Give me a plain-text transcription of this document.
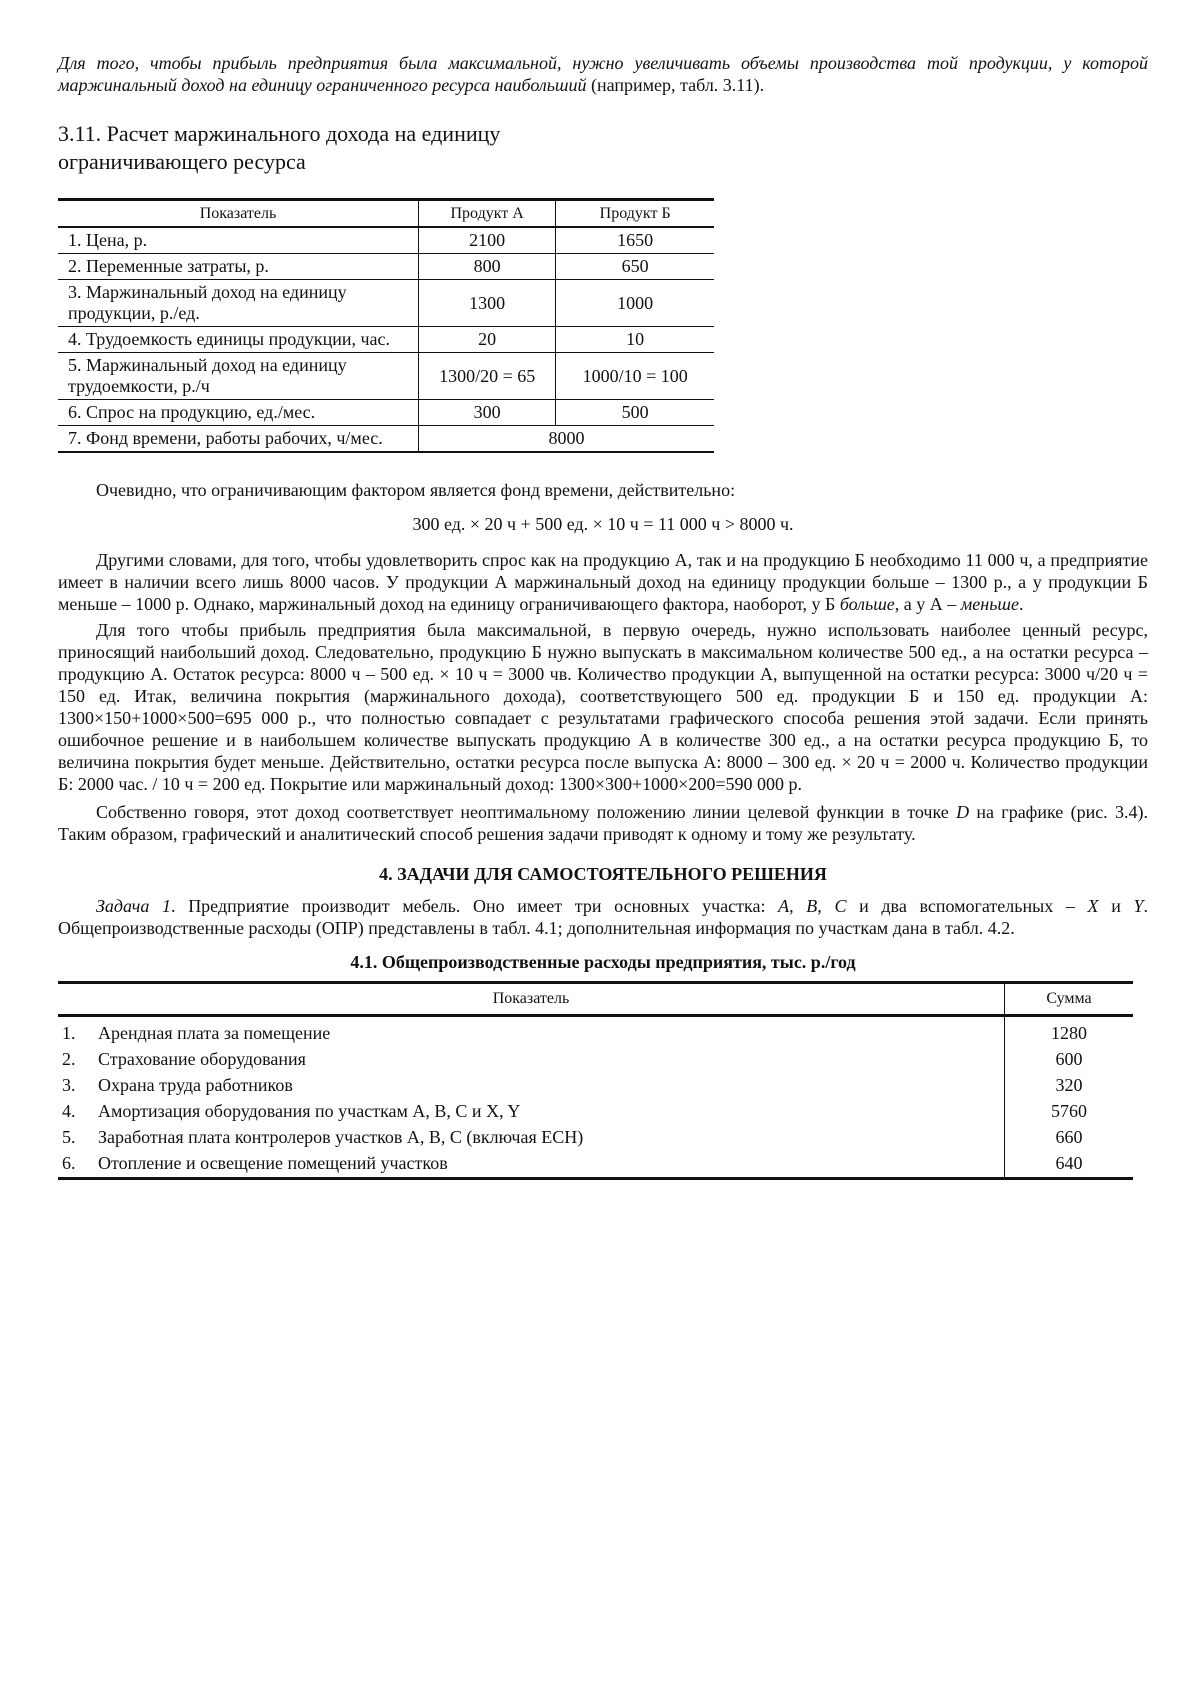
Для того, чтобы прибыль предприятия была максимальной, нужно увеличивать объемы производства той продукции, у которой маржинальный доход на единицу ограниченного ресурса наибольший (например, табл. 3.11).

3.11. Расчет маржинального дохода на единицу ограничивающего ресурса
Показатель	Продукт А	Продукт Б
1. Цена, р.	2100	1650
2. Переменные затраты, р.	800	650
3. Маржинальный доход на единицу продукции, р./ед.	1300	1000
4. Трудоемкость единицы продукции, час.	20	10
5. Маржинальный доход на единицу трудоемкости, р./ч	1300/20 = 65	1000/10 = 100
6. Спрос на продукцию, ед./мес.	300	500
7. Фонд времени, работы рабочих, ч/мес.	8000	

Очевидно, что ограничивающим фактором является фонд времени, действительно:

300 ед. × 20 ч + 500 ед. × 10 ч = 11 000 ч > 8000 ч.

Другими словами, для того, чтобы удовлетворить спрос как на продукцию А, так и на продукцию Б необходимо 11 000 ч, а предприятие имеет в наличии всего лишь 8000 часов. У продукции А маржинальный доход на единицу продукции больше – 1300 р., а у продукции Б меньше – 1000 р. Однако, маржинальный доход на единицу ограничивающего фактора, наоборот, у Б больше, а у А – меньше.

Для того чтобы прибыль предприятия была максимальной, в первую очередь, нужно использовать наиболее ценный ресурс, приносящий наибольший доход. Следовательно, продукцию Б нужно выпускать в максимальном количестве 500 ед., а на остатки ресурса – продукцию А. Остаток ресурса: 8000 ч – 500 ед. × 10 ч = 3000 чв. Количество продукции А, выпущенной на остатки ресурса: 3000 ч/20 ч = 150 ед. Итак, величина покрытия (маржинального дохода), соответствующего 500 ед. продукции Б и 150 ед. продукции А: 1300×150+1000×500=695 000 р., что полностью совпадает с результатами графического способа решения этой задачи. Если принять ошибочное решение и в наибольшем количестве выпускать продукцию А в количестве 300 ед., а на остатки ресурса продукцию Б, то величина покрытия будет меньше. Действительно, остатки ресурса после выпуска А: 8000 – 300 ед. × 20 ч = 2000 ч. Количество продукции Б: 2000 час. / 10 ч = 200 ед. Покрытие или маржинальный доход: 1300×300+1000×200=590 000 р.

Собственно говоря, этот доход соответствует неоптимальному положению линии целевой функции в точке D на графике (рис. 3.4). Таким образом, графический и аналитический способ решения задачи приводят к одному и тому же результату.

4. ЗАДАЧИ ДЛЯ САМОСТОЯТЕЛЬНОГО РЕШЕНИЯ

Задача 1. Предприятие производит мебель. Оно имеет три основных участка: A, B, C и два вспомогательных – X и Y. Общепроизводственные расходы (ОПР) представлены в табл. 4.1; дополнительная информация по участкам дана в табл. 4.2.

4.1. Общепроизводственные расходы предприятия, тыс. р./год
Показатель		Сумма
1.	Арендная плата за помещение	1280
2.	Страхование оборудования	600
3.	Охрана труда работников	320
4.	Амортизация оборудования по участкам A, B, C и X, Y	5760
5.	Заработная плата контролеров участков A, B, C (включая ЕСН)	660
6.	Отопление и освещение помещений участков	640
